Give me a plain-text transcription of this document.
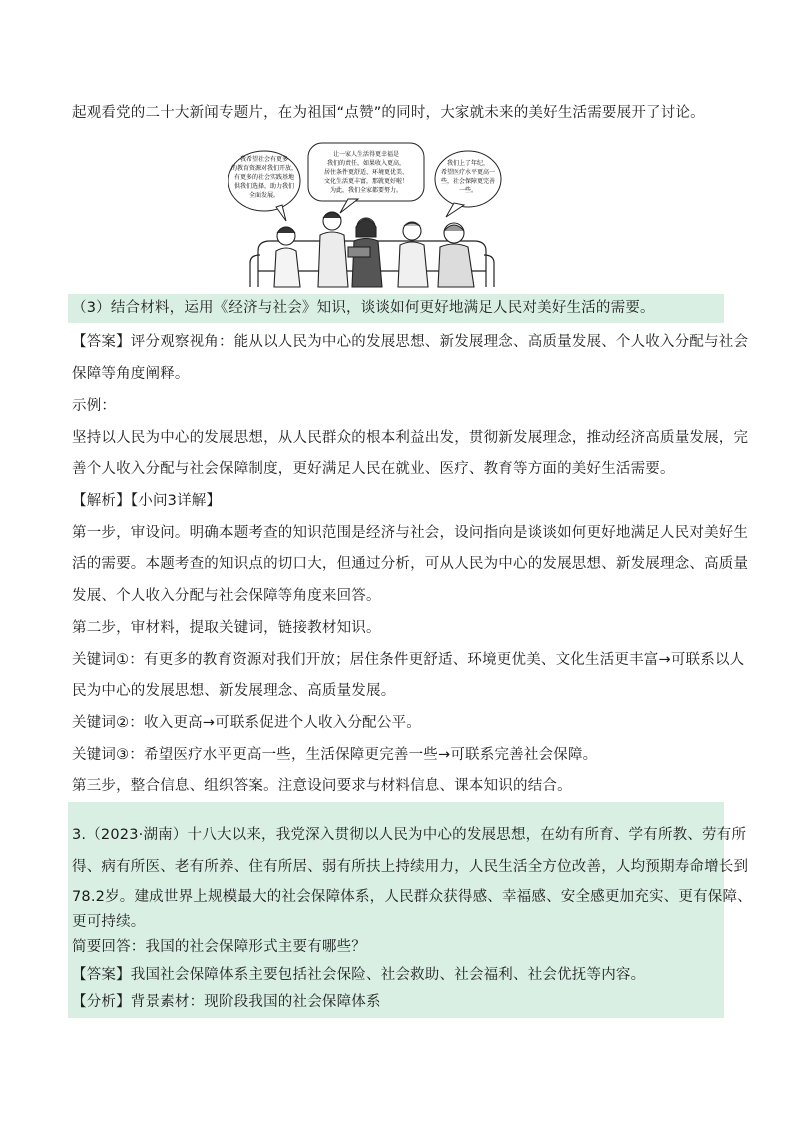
起观看党的二十大新闻专题片，在为祖国“点赞”的同时，大家就未来的美好生活需要展开了讨论。
我希望社会有更多
的教育资源对我们开放，
有更多的社会实践基地
供我们选择，助力我们
全面发展。
让一家人生活得更幸福是
我们的责任，如果收入更高，
居住条件更舒适、环境更优美、
文化生活更丰富，那就更好啦！
为此，我们全家都要努力。
我们上了年纪，
希望医疗水平更高一
些，社会保障更完善
一些。
（3）结合材料，运用《经济与社会》知识，谈谈如何更好地满足人民对美好生活的需要。
【答案】评分观察视角：能从以人民为中心的发展思想、新发展理念、高质量发展、个人收入分配与社会
保障等角度阐释。
示例：
坚持以人民为中心的发展思想，从人民群众的根本利益出发，贯彻新发展理念，推动经济高质量发展，完
善个人收入分配与社会保障制度，更好满足人民在就业、医疗、教育等方面的美好生活需要。
【解析】【小问3详解】
第一步，审设问。明确本题考查的知识范围是经济与社会，设问指向是谈谈如何更好地满足人民对美好生
活的需要。本题考查的知识点的切口大，但通过分析，可从人民为中心的发展思想、新发展理念、高质量
发展、个人收入分配与社会保障等角度来回答。
第二步，审材料，提取关键词，链接教材知识。
关键词①：有更多的教育资源对我们开放；居住条件更舒适、环境更优美、文化生活更丰富→可联系以人
民为中心的发展思想、新发展理念、高质量发展。
关键词②：收入更高→可联系促进个人收入分配公平。
关键词③：希望医疗水平更高一些，生活保障更完善一些→可联系完善社会保障。
第三步，整合信息、组织答案。注意设问要求与材料信息、课本知识的结合。
3.（2023·湖南）十八大以来，我党深入贯彻以人民为中心的发展思想，在幼有所育、学有所教、劳有所
得、病有所医、老有所养、住有所居、弱有所扶上持续用力，人民生活全方位改善，人均预期寿命增长到
78.2岁。建成世界上规模最大的社会保障体系，人民群众获得感、幸福感、安全感更加充实、更有保障、
更可持续。
简要回答：我国的社会保障形式主要有哪些？
【答案】我国社会保障体系主要包括社会保险、社会救助、社会福利、社会优抚等内容。
【分析】背景素材：现阶段我国的社会保障体系
